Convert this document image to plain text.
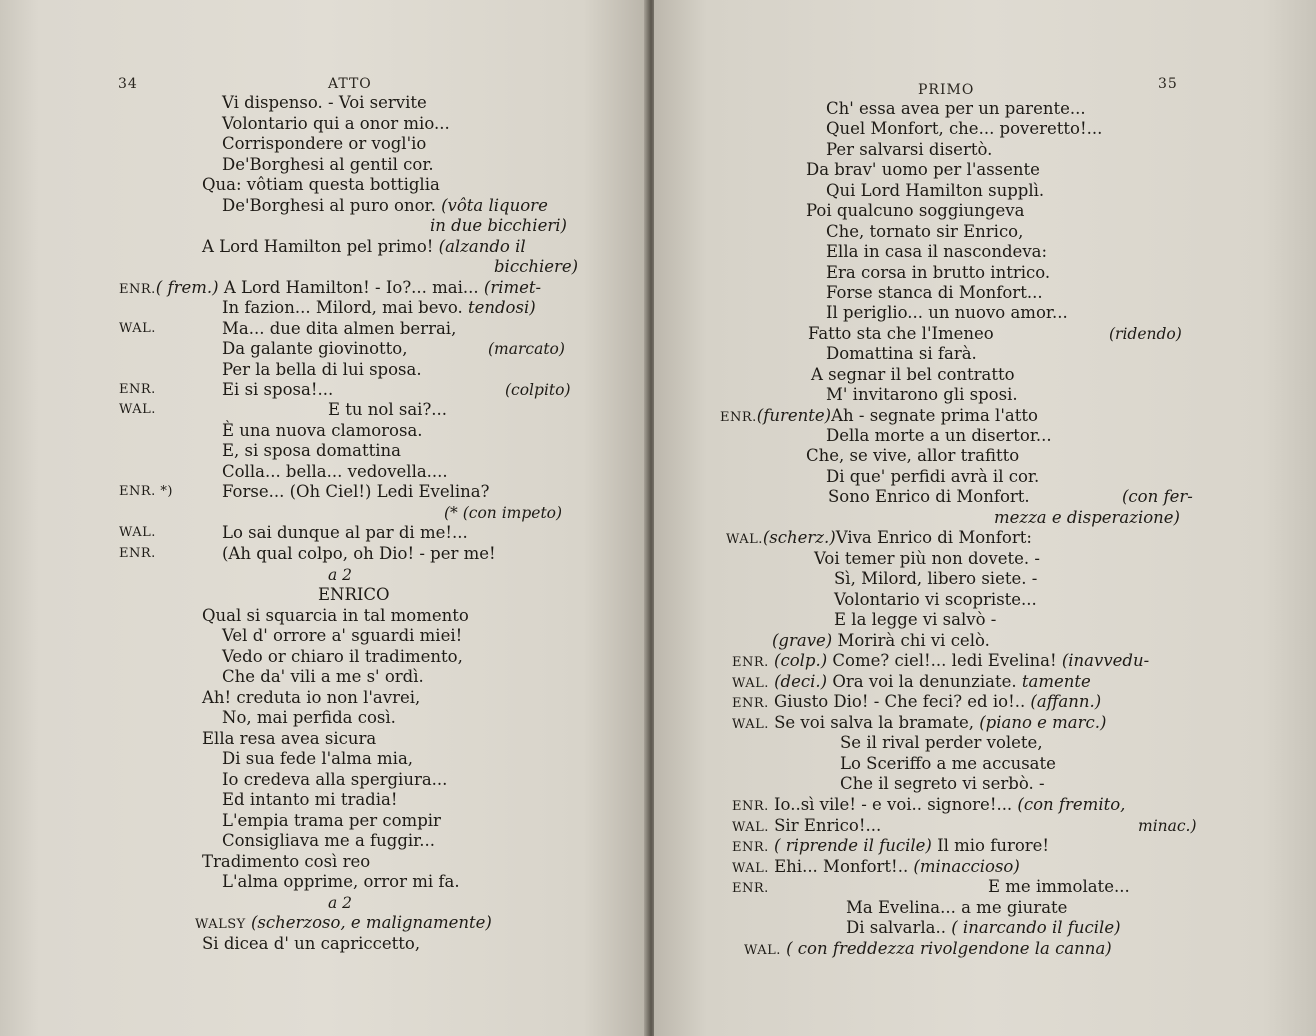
34	ATTO
Vi dispenso. - Voi servite
Volontario qui a onor mio...
Corrispondere or vogl'io
De'Borghesi al gentil cor.
Qua: vôtiam questa bottiglia
De'Borghesi al puro onor. (vôta liquore
in due bicchieri)
A Lord Hamilton pel primo! (alzando il
bicchiere)
ENR.( frem.) A Lord Hamilton! - Io?... mai... (rimet-
In fazion... Milord, mai bevo. tendosi)
Ma... due dita almen berrai,
Da galante giovinotto,
Per la bella di lui sposa.
Ei si sposa!...
E tu nol sai?...
È una nuova clamorosa.
E, si sposa domattina
Colla... bella... vedovella....
Forse... (Oh Ciel!) Ledi Evelina?
Lo sai dunque al par di me!...
(Ah qual colpo, oh Dio! - per me!
ENRICO
Qual si squarcia in tal momento
Vel d' orrore a' sguardi miei!
Vedo or chiaro il tradimento,
Che da' vili a me s' ordì.
Ah! creduta io non l'avrei,
No, mai perfida così.
Ella resa avea sicura
Di sua fede l'alma mia,
Io credeva alla spergiura...
Ed intanto mi tradia!
L'empia trama per compir
Consigliava me a fuggir...
Tradimento così reo
L'alma opprime, orror mi fa.
WALSY (scherzoso, e malignamente)
Si dicea d' un capriccetto,
WAL.
ENR.
WAL.
ENR. *)
WAL.
ENR.
(marcato)
(colpito)
(* (con impeto)
a 2
a 2
PRIMO	35
Ch' essa avea per un parente...
Quel Monfort, che... poveretto!...
Per salvarsi disertò.
Da brav' uomo per l'assente
Qui Lord Hamilton supplì.
Poi qualcuno soggiungeva
Che, tornato sir Enrico,
Ella in casa il nascondeva:
Era corsa in brutto intrico.
Forse stanca di Monfort...
Il periglio... un nuovo amor...
Fatto sta che l'Imeneo
Domattina si farà.
A segnar il bel contratto
M' invitarono gli sposi.
Della morte a un disertor...
Che, se vive, allor trafitto
Di que' perfidi avrà il cor.
Sono Enrico di Monfort.
Voi temer più non dovete. -
Sì, Milord, libero siete. -
Volontario vi scopriste...
E la legge vi salvò -
Se il rival perder volete,
Lo Sceriffo a me accusate
Che il segreto vi serbò. -
E me immolate...
Ma Evelina... a me giurate
(ridendo)
ENR.(furente)Ah - segnate prima l'atto
(con fer-
mezza e disperazione)
WAL.(scherz.)Viva Enrico di Monfort:
(grave) Morirà chi vi celò.
ENR. (colp.) Come? ciel!... ledi Evelina! (inavvedu-
WAL. (deci.) Ora voi la denunziate. tamente
ENR. Giusto Dio! - Che feci? ed io!.. (affann.)
WAL. Se voi salva la bramate, (piano e marc.)
ENR. Io..sì vile! - e voi.. signore!... (con fremito,
WAL. Sir Enrico!...
ENR. ( riprende il fucile) Il mio furore!
WAL. Ehi... Monfort!.. (minaccioso)
ENR.
Di salvarla.. ( inarcando il fucile)
WAL. ( con freddezza rivolgendone la canna)
minac.)
